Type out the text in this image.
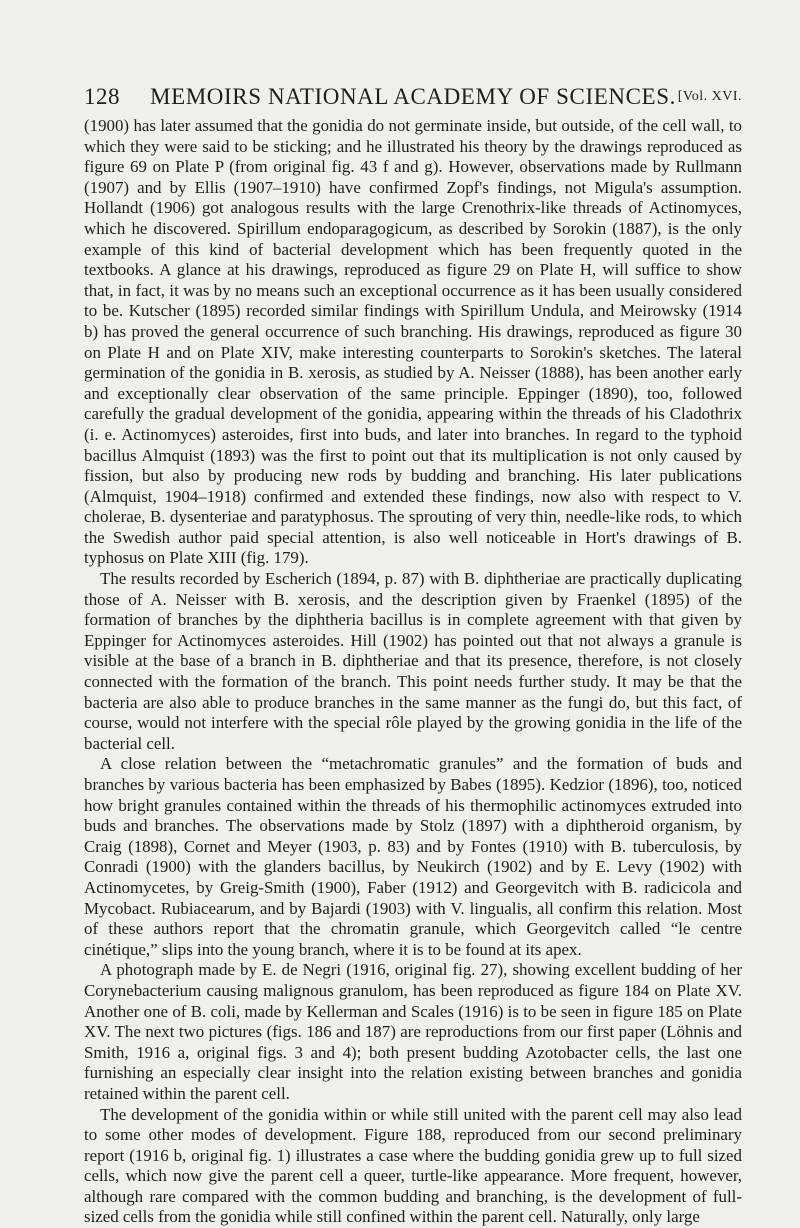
128	MEMOIRS NATIONAL ACADEMY OF SCIENCES. [Vol. XVI.

(1900) has later assumed that the gonidia do not germinate inside, but outside, of the cell wall, to which they were said to be sticking; and he illustrated his theory by the drawings reproduced as figure 69 on Plate P (from original fig. 43 f and g). However, observations made by Rullmann (1907) and by Ellis (1907–1910) have confirmed Zopf's findings, not Migula's assumption. Hollandt (1906) got analogous results with the large Crenothrix-like threads of Actinomyces, which he discovered. Spirillum endoparagogicum, as described by Sorokin (1887), is the only example of this kind of bacterial development which has been frequently quoted in the textbooks. A glance at his drawings, reproduced as figure 29 on Plate H, will suffice to show that, in fact, it was by no means such an exceptional occurrence as it has been usually considered to be. Kutscher (1895) recorded similar findings with Spirillum Undula, and Meirowsky (1914 b) has proved the general occurrence of such branching. His drawings, reproduced as figure 30 on Plate H and on Plate XIV, make interesting counterparts to Sorokin's sketches. The lateral germination of the gonidia in B. xerosis, as studied by A. Neisser (1888), has been another early and exceptionally clear observation of the same principle. Eppinger (1890), too, followed carefully the gradual development of the gonidia, appearing within the threads of his Cladothrix (i. e. Actinomyces) asteroides, first into buds, and later into branches. In regard to the typhoid bacillus Almquist (1893) was the first to point out that its multiplication is not only caused by fission, but also by producing new rods by budding and branching. His later publications (Almquist, 1904–1918) confirmed and extended these findings, now also with respect to V. cholerae, B. dysenteriae and paratyphosus. The sprouting of very thin, needle-like rods, to which the Swedish author paid special attention, is also well noticeable in Hort's drawings of B. typhosus on Plate XIII (fig. 179).

The results recorded by Escherich (1894, p. 87) with B. diphtheriae are practically duplicating those of A. Neisser with B. xerosis, and the description given by Fraenkel (1895) of the formation of branches by the diphtheria bacillus is in complete agreement with that given by Eppinger for Actinomyces asteroides. Hill (1902) has pointed out that not always a granule is visible at the base of a branch in B. diphtheriae and that its presence, therefore, is not closely connected with the formation of the branch. This point needs further study. It may be that the bacteria are also able to produce branches in the same manner as the fungi do, but this fact, of course, would not interfere with the special rôle played by the growing gonidia in the life of the bacterial cell.

A close relation between the “metachromatic granules” and the formation of buds and branches by various bacteria has been emphasized by Babes (1895). Kedzior (1896), too, noticed how bright granules contained within the threads of his thermophilic actinomyces extruded into buds and branches. The observations made by Stolz (1897) with a diphtheroid organism, by Craig (1898), Cornet and Meyer (1903, p. 83) and by Fontes (1910) with B. tuberculosis, by Conradi (1900) with the glanders bacillus, by Neukirch (1902) and by E. Levy (1902) with Actinomycetes, by Greig-Smith (1900), Faber (1912) and Georgevitch with B. radicicola and Mycobact. Rubiacearum, and by Bajardi (1903) with V. lingualis, all confirm this relation. Most of these authors report that the chromatin granule, which Georgevitch called “le centre cinétique,” slips into the young branch, where it is to be found at its apex.

A photograph made by E. de Negri (1916, original fig. 27), showing excellent budding of her Corynebacterium causing malignous granulom, has been reproduced as figure 184 on Plate XV. Another one of B. coli, made by Kellerman and Scales (1916) is to be seen in figure 185 on Plate XV. The next two pictures (figs. 186 and 187) are reproductions from our first paper (Löhnis and Smith, 1916 a, original figs. 3 and 4); both present budding Azotobacter cells, the last one furnishing an especially clear insight into the relation existing between branches and gonidia retained within the parent cell.

The development of the gonidia within or while still united with the parent cell may also lead to some other modes of development. Figure 188, reproduced from our second preliminary report (1916 b, original fig. 1) illustrates a case where the budding gonidia grew up to full sized cells, which now give the parent cell a queer, turtle-like appearance. More frequent, however, although rare compared with the common budding and branching, is the development of full-sized cells from the gonidia while still confined within the parent cell. Naturally, only large
